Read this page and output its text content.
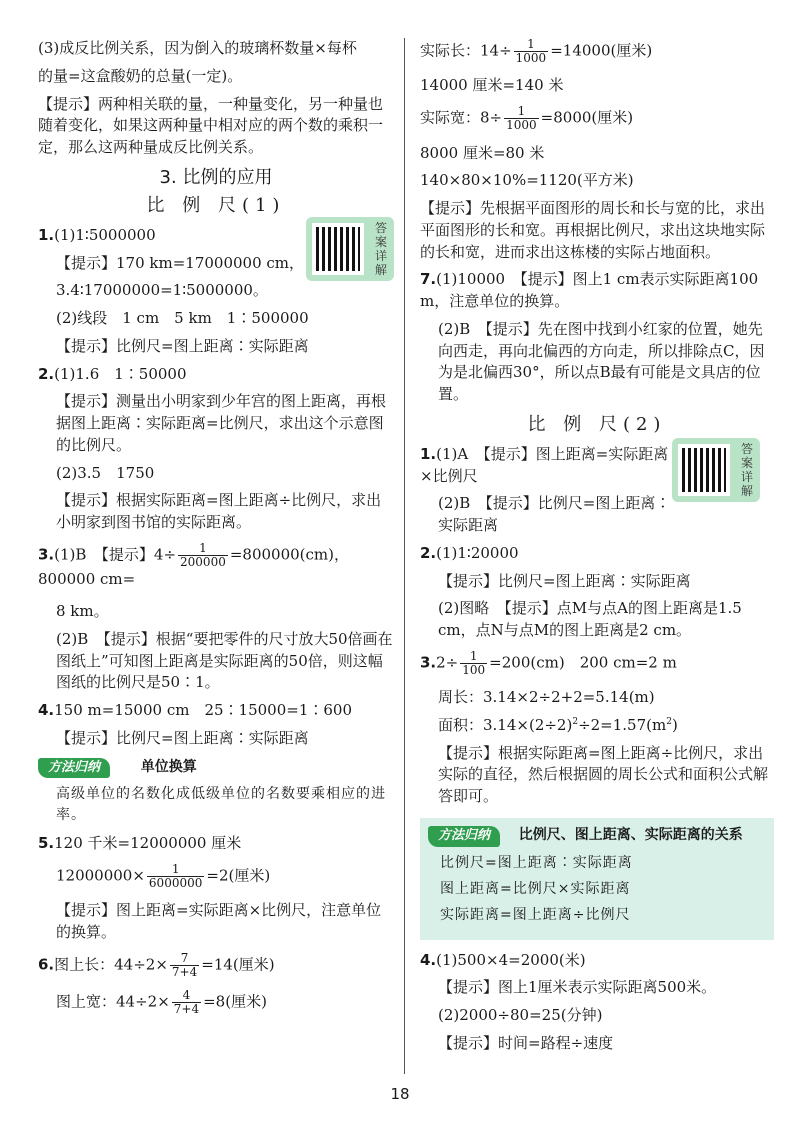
(3)成反比例关系，因为倒入的玻璃杯数量×每杯

的量=这盒酸奶的总量(一定)。

【提示】两种相关联的量，一种量变化，另一种量也随着变化，如果这两种量中相对应的两个数的乘积一定，那么这两种量成反比例关系。

3. 比例的应用
比 例 尺(1)
答案详解

1.(1)1∶5000000

【提示】170 km=17000000 cm，

3.4∶17000000=1∶5000000。

(2)线段　1 cm　5 km　1∶500000

【提示】比例尺=图上距离∶实际距离

2.(1)1.6　1∶50000

【提示】测量出小明家到少年宫的图上距离，再根据图上距离∶实际距离=比例尺，求出这个示意图的比例尺。

(2)3.5　1750

【提示】根据实际距离=图上距离÷比例尺，求出小明家到图书馆的实际距离。

3.(1)B　【提示】$4\div \frac{1}{200000} =800000(cm)$，800000 cm=

8 km。

(2)B　【提示】根据“要把零件的尺寸放大50倍画在图纸上”可知图上距离是实际距离的50倍，则这幅图纸的比例尺是50∶1。

4.150 m=15000 cm　25∶15000=1∶600

【提示】比例尺=图上距离∶实际距离

方法归纳	单位换算
高级单位的名数化成低级单位的名数要乘相应的进率。

5.120 千米=12000000 厘米

$12000000\times \frac{1}{6000000} =2$(厘米)

【提示】图上距离=实际距离×比例尺，注意单位的换算。

6.图上长：$44\div 2\times \frac{7}{7+4} =14$(厘米)

图上宽：$44\div 2\times \frac{4}{7+4} =8$(厘米)

实际长：$14\div \frac{1}{1000} =14000$(厘米)

14000 厘米=140 米

实际宽：$8\div \frac{1}{1000} =8000$(厘米)

8000 厘米=80 米

140×80×10%=1120(平方米)

【提示】先根据平面图形的周长和长与宽的比，求出平面图形的长和宽。再根据比例尺，求出这块地实际的长和宽，进而求出这栋楼的实际占地面积。

7.(1)10000　【提示】图上1 cm表示实际距离100 m，注意单位的换算。

(2)B　【提示】先在图中找到小红家的位置，她先向西走，再向北偏西的方向走，所以排除点C，因为是北偏西30°，所以点B最有可能是文具店的位置。

比 例 尺(2)
答案详解

1.(1)A　【提示】图上距离=实际距离×比例尺

(2)B　【提示】比例尺=图上距离∶实际距离

2.(1)1∶20000

【提示】比例尺=图上距离∶实际距离

(2)图略　【提示】点M与点A的图上距离是1.5 cm，点N与点M的图上距离是2 cm。

$3.2\div \frac{1}{100} =200(cm)$　200 cm=2 m

周长：3.14×2÷2+2=5.14(m)

面积：$3.14\times(2\div 2)^2\div 2=1.57(m^2)$

【提示】根据实际距离=图上距离÷比例尺，求出实际的直径，然后根据圆的周长公式和面积公式解答即可。

方法归纳 比例尺、图上距离、实际距离的关系
比例尺=图上距离∶实际距离
图上距离=比例尺×实际距离
实际距离=图上距离÷比例尺

4.(1)500×4=2000(米)

【提示】图上1厘米表示实际距离500米。

(2)2000÷80=25(分钟)

【提示】时间=路程÷速度

18
